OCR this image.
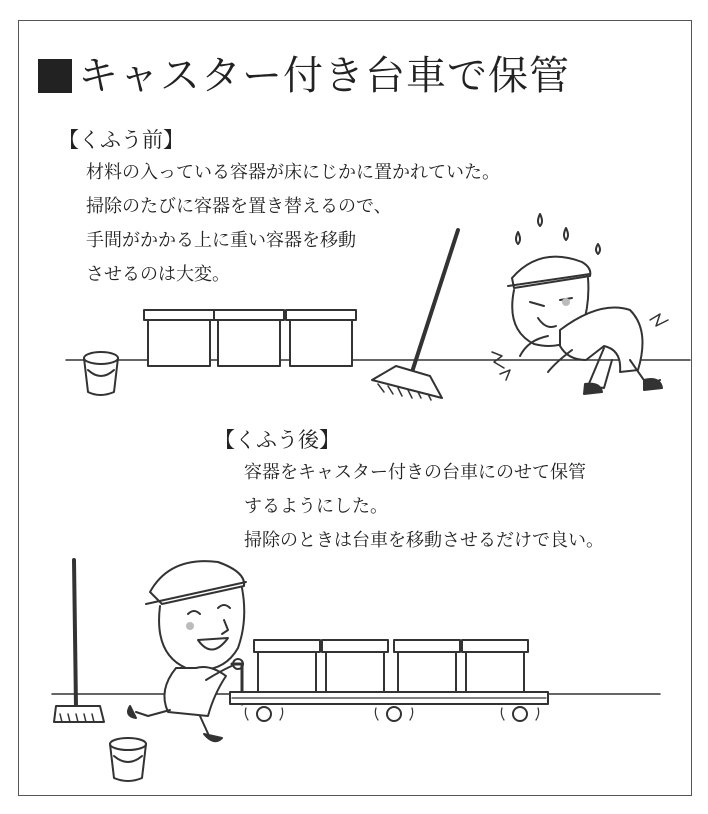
キャスター付き台車で保管
【くふう前】
材料の入っている容器が床にじかに置かれていた。
掃除のたびに容器を置き替えるので、
手間がかかる上に重い容器を移動
させるのは大変。
【くふう後】
容器をキャスター付きの台車にのせて保管
するようにした。
掃除のときは台車を移動させるだけで良い。
